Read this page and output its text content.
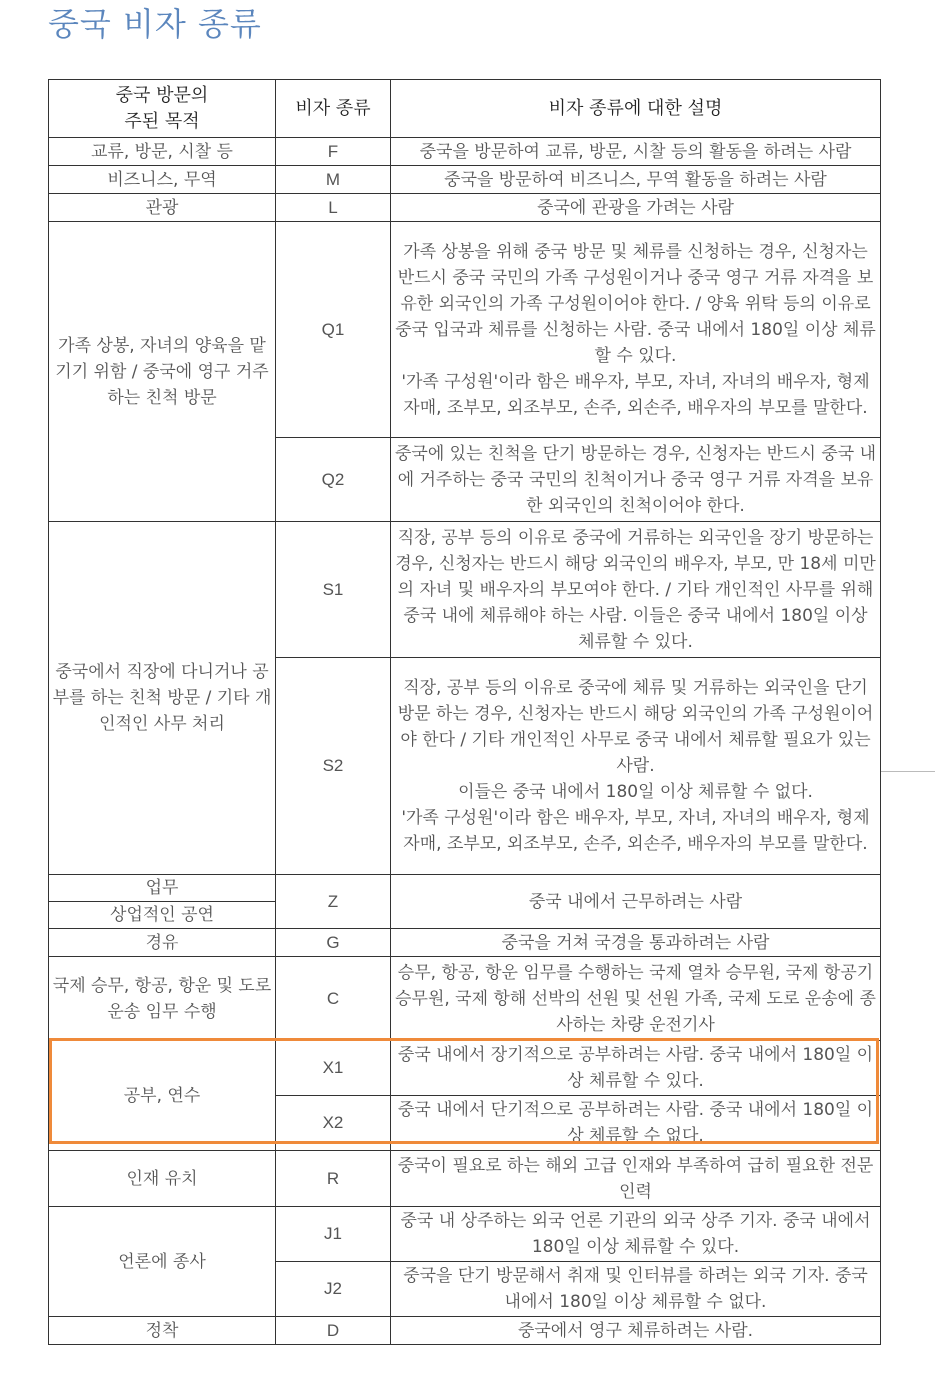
중국 비자 종류
중국 방문의
주된 목적	비자 종류	비자 종류에 대한 설명
교류, 방문, 시찰 등	F	중국을 방문하여 교류, 방문, 시찰 등의 활동을 하려는 사람
비즈니스, 무역	M	중국을 방문하여 비즈니스, 무역 활동을 하려는 사람
관광	L	중국에 관광을 가려는 사람
가족 상봉, 자녀의 양육을 맡기기 위함 / 중국에 영구 거주하는 친척 방문	Q1	가족 상봉을 위해 중국 방문 및 체류를 신청하는 경우, 신청자는 반드시 중국 국민의 가족 구성원이거나 중국 영구 거류 자격을 보유한 외국인의 가족 구성원이어야 한다. / 양육 위탁 등의 이유로 중국 입국과 체류를 신청하는 사람. 중국 내에서 180일 이상 체류할 수 있다.
'가족 구성원'이라 함은 배우자, 부모, 자녀, 자녀의 배우자, 형제자매, 조부모, 외조부모, 손주, 외손주, 배우자의 부모를 말한다.

	Q2	중국에 있는 친척을 단기 방문하는 경우, 신청자는 반드시 중국 내에 거주하는 중국 국민의 친척이거나 중국 영구 거류 자격을 보유한 외국인의 친척이어야 한다.
중국에서 직장에 다니거나 공부를 하는 친척 방문 / 기타 개인적인 사무 처리	S1	직장, 공부 등의 이유로 중국에 거류하는 외국인을 장기 방문하는 경우, 신청자는 반드시 해당 외국인의 배우자, 부모, 만 18세 미만의 자녀 및 배우자의 부모여야 한다. / 기타 개인적인 사무를 위해 중국 내에 체류해야 하는 사람. 이들은 중국 내에서 180일 이상 체류할 수 있다.
	S2	직장, 공부 등의 이유로 중국에 체류 및 거류하는 외국인을 단기 방문 하는 경우, 신청자는 반드시 해당 외국인의 가족 구성원이어야 한다 / 기타 개인적인 사무로 중국 내에서 체류할 필요가 있는 사람.
이들은 중국 내에서 180일 이상 체류할 수 없다.
'가족 구성원'이라 함은 배우자, 부모, 자녀, 자녀의 배우자, 형제자매, 조부모, 외조부모, 손주, 외손주, 배우자의 부모를 말한다.

업무	Z	중국 내에서 근무하려는 사람
상업적인 공연		
경유	G	중국을 거쳐 국경을 통과하려는 사람
국제 승무, 항공, 항운 및 도로 운송 임무 수행	C	승무, 항공, 항운 임무를 수행하는 국제 열차 승무원, 국제 항공기 승무원, 국제 항해 선박의 선원 및 선원 가족, 국제 도로 운송에 종사하는 차량 운전기사
공부, 연수	X1	중국 내에서 장기적으로 공부하려는 사람. 중국 내에서 180일 이상 체류할 수 있다.
	X2	중국 내에서 단기적으로 공부하려는 사람. 중국 내에서 180일 이상 체류할 수 없다.
인재 유치	R	중국이 필요로 하는 해외 고급 인재와 부족하여 급히 필요한 전문 인력
언론에 종사	J1	중국 내 상주하는 외국 언론 기관의 외국 상주 기자. 중국 내에서 180일 이상 체류할 수 있다.
	J2	중국을 단기 방문해서 취재 및 인터뷰를 하려는 외국 기자. 중국 내에서 180일 이상 체류할 수 없다.
정착	D	중국에서 영구 체류하려는 사람.
